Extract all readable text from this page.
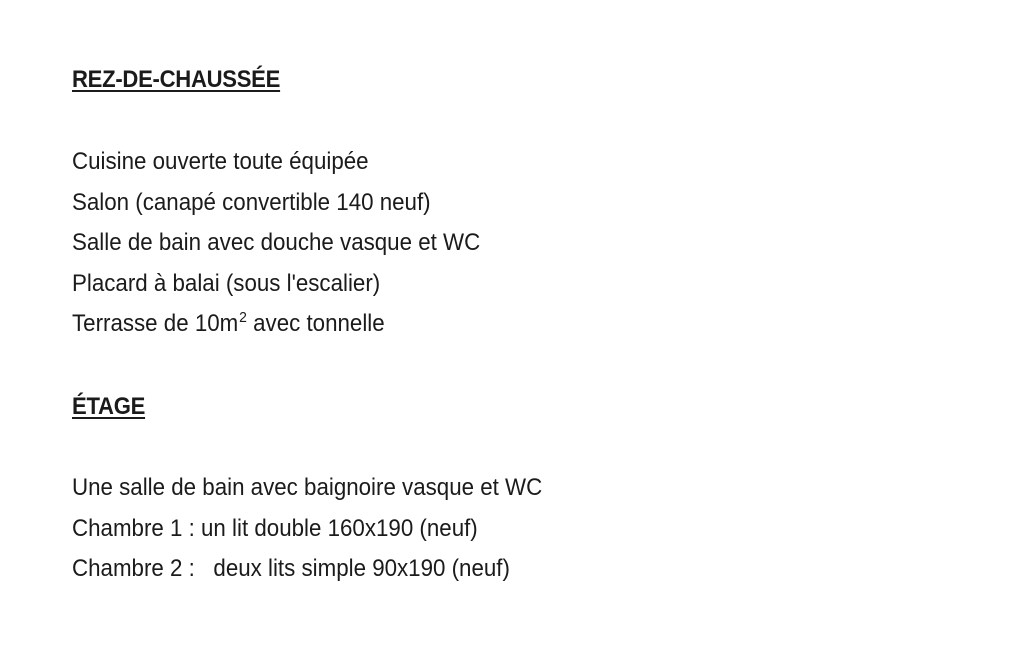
REZ-DE-CHAUSSÉE
Cuisine ouverte toute équipée
Salon (canapé convertible 140 neuf)
Salle de bain avec douche vasque et WC
Placard à balai (sous l'escalier)
Terrasse de $10m^2$ avec tonnelle
ÉTAGE
Une salle de bain avec baignoire vasque et WC
Chambre 1 : un lit double 160x190 (neuf)
Chambre 2 :   deux lits simple 90x190 (neuf)
